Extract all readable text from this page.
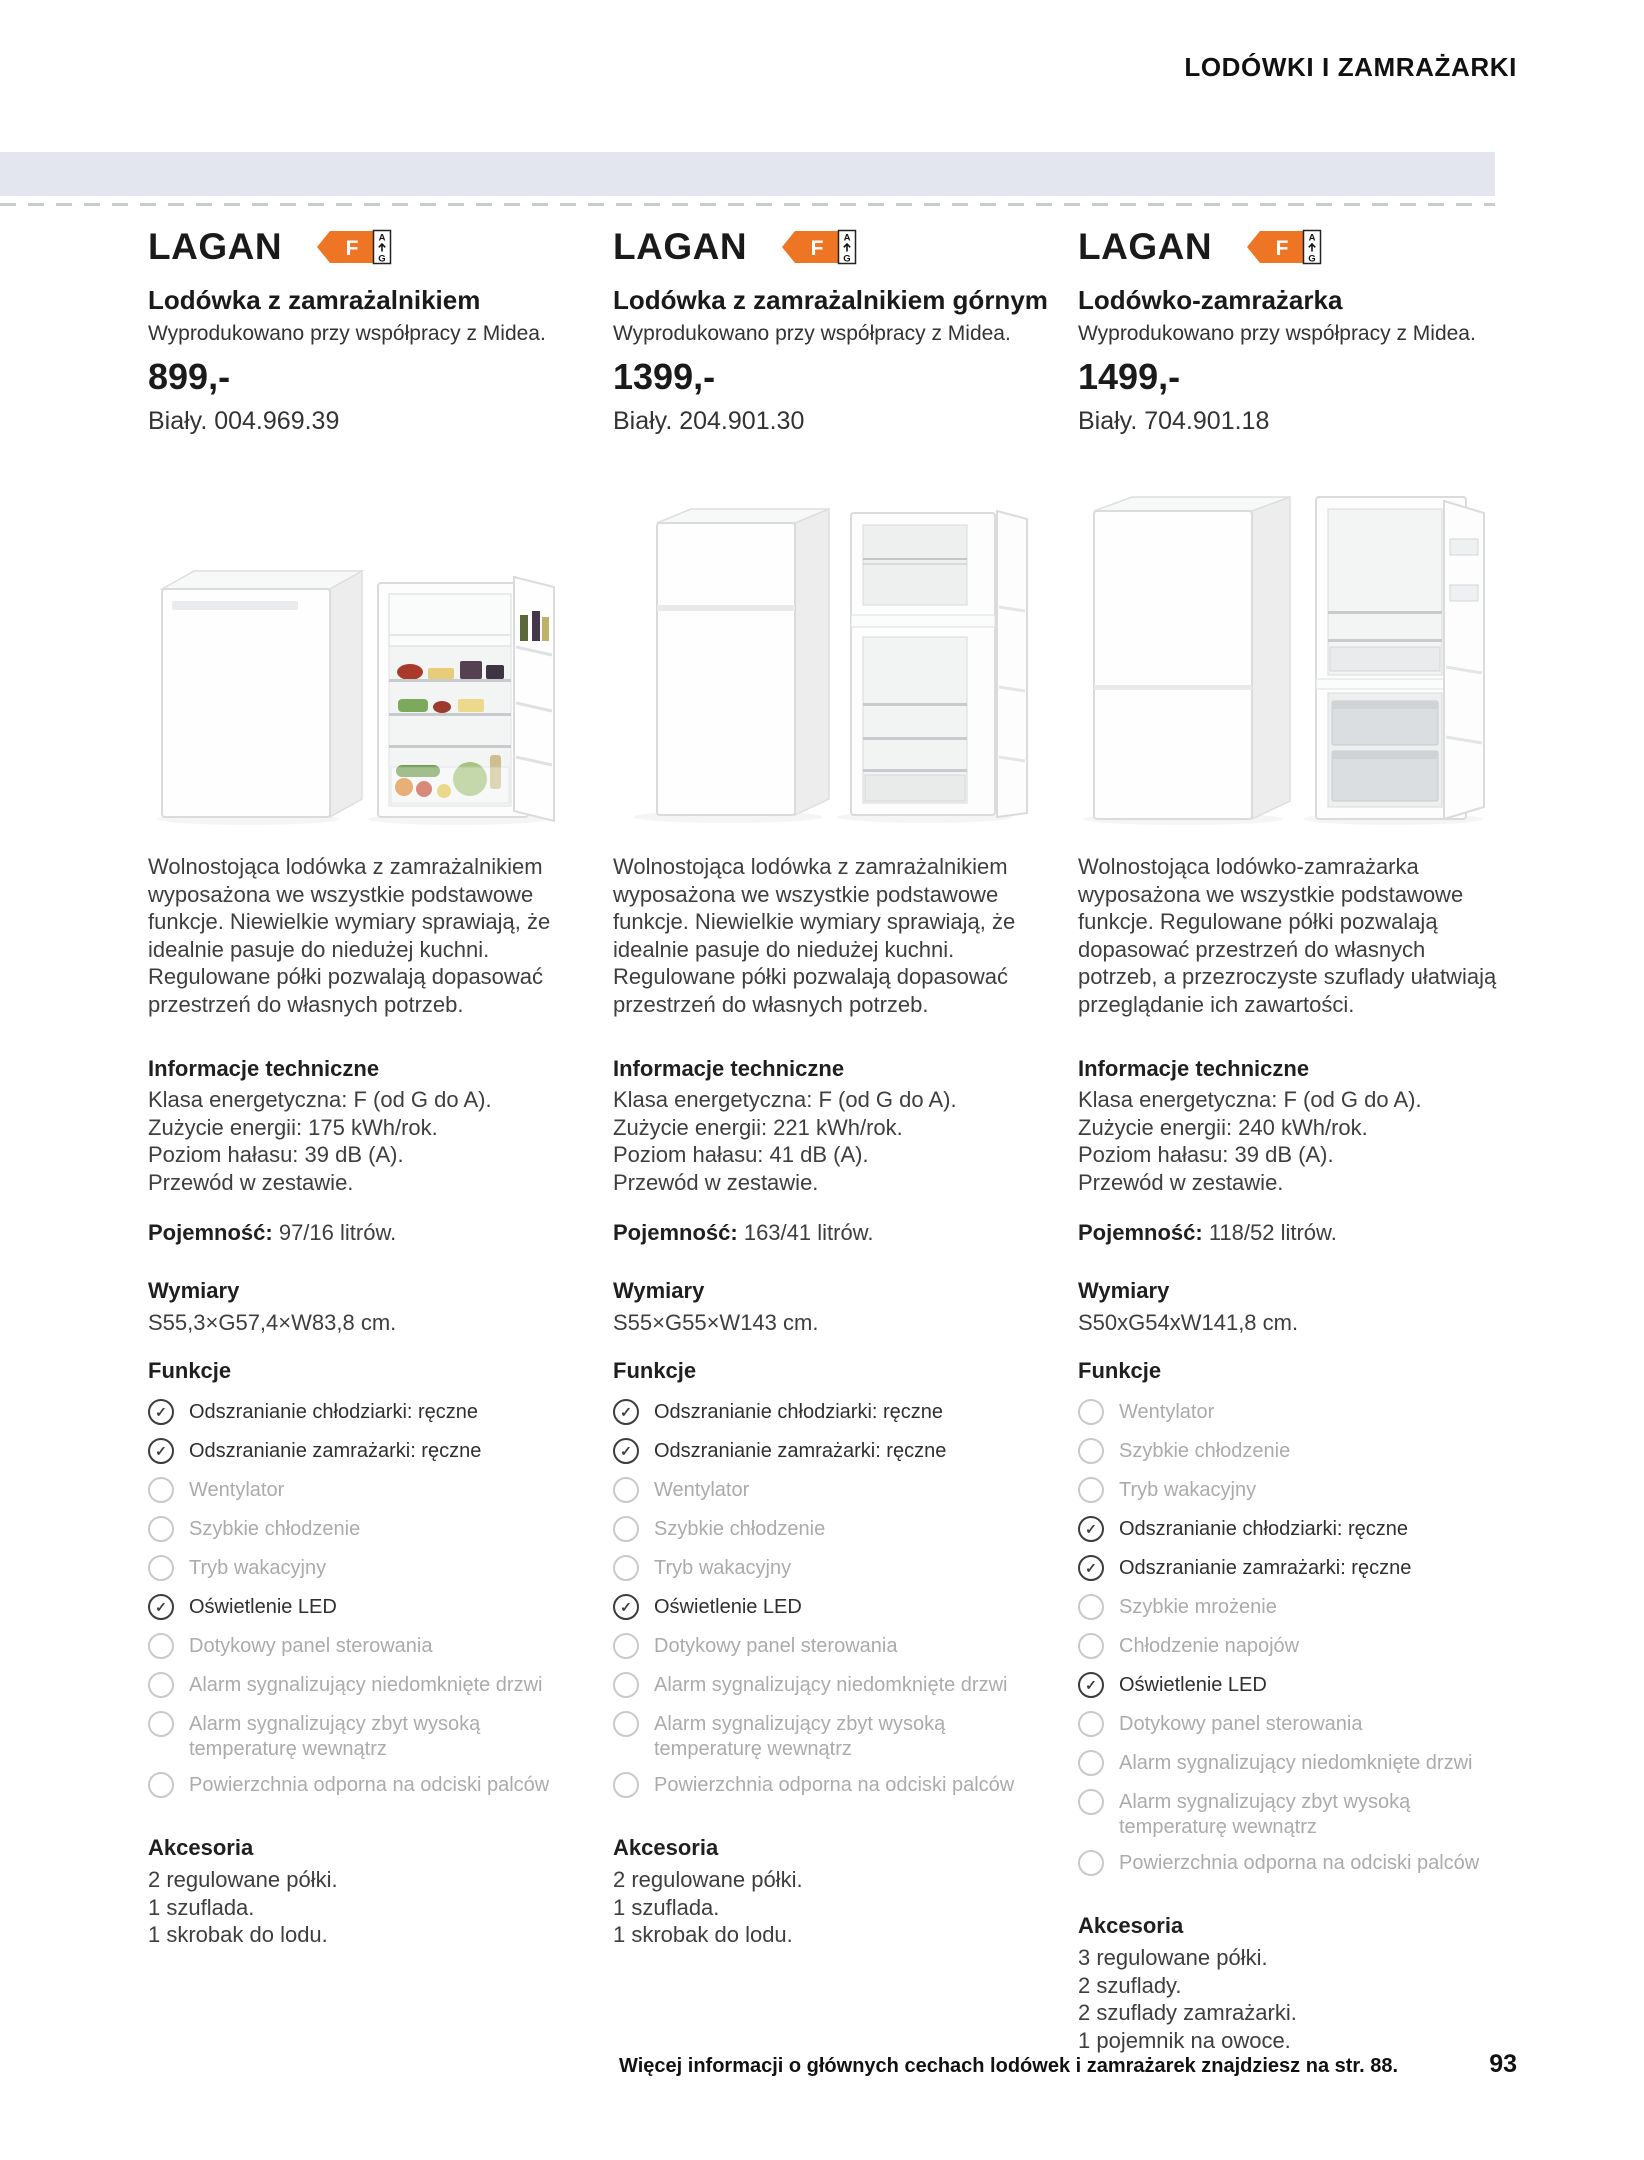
LODÓWKI I ZAMRAŻARKI
LAGAN	F A
G
Lodówka z zamrażalnikiem
Wyprodukowano przy współpracy z Midea.
899,-
Biały. 004.969.39

Wolnostojąca lodówka z zamrażalnikiem wyposażona we wszystkie podstawowe funkcje. Niewielkie wymiary sprawiają, że idealnie pasuje do niedużej kuchni. Regulowane półki pozwalają dopasować przestrzeń do własnych potrzeb.

Informacje techniczne
Klasa energetyczna: F (od G do A).
Zużycie energii: 175 kWh/rok.
Poziom hałasu: 39 dB (A).
Przewód w zestawie.
Pojemność: 97/16 litrów.
Wymiary
S55,3×G57,4×W83,8 cm.
Funkcje
✓	Odszranianie chłodziarki: ręczne
✓	Odszranianie zamrażarki: ręczne
Wentylator
Szybkie chłodzenie
Tryb wakacyjny
✓	Oświetlenie LED
Dotykowy panel sterowania
Alarm sygnalizujący niedomknięte drzwi
Alarm sygnalizujący zbyt wysoką temperaturę wewnątrz
Powierzchnia odporna na odciski palców
Akcesoria
2 regulowane półki.
1 szuflada.
1 skrobak do lodu.
LAGAN	F A
G
Lodówka z zamrażalnikiem górnym
Wyprodukowano przy współpracy z Midea.
1399,-
Biały. 204.901.30

Wolnostojąca lodówka z zamrażalnikiem wyposażona we wszystkie podstawowe funkcje. Niewielkie wymiary sprawiają, że idealnie pasuje do niedużej kuchni. Regulowane półki pozwalają dopasować przestrzeń do własnych potrzeb.

Informacje techniczne
Klasa energetyczna: F (od G do A).
Zużycie energii: 221 kWh/rok.
Poziom hałasu: 41 dB (A).
Przewód w zestawie.
Pojemność: 163/41 litrów.
Wymiary
S55×G55×W143 cm.
Funkcje
✓	Odszranianie chłodziarki: ręczne
✓	Odszranianie zamrażarki: ręczne
Wentylator
Szybkie chłodzenie
Tryb wakacyjny
✓	Oświetlenie LED
Dotykowy panel sterowania
Alarm sygnalizujący niedomknięte drzwi
Alarm sygnalizujący zbyt wysoką temperaturę wewnątrz
Powierzchnia odporna na odciski palców
Akcesoria
2 regulowane półki.
1 szuflada.
1 skrobak do lodu.
LAGAN	F A
G
Lodówko-zamrażarka
Wyprodukowano przy współpracy z Midea.
1499,-
Biały. 704.901.18

Wolnostojąca lodówko-zamrażarka wyposażona we wszystkie podstawowe funkcje. Regulowane półki pozwalają dopasować przestrzeń do własnych potrzeb, a przezroczyste szuflady ułatwiają przeglądanie ich zawartości.

Informacje techniczne
Klasa energetyczna: F (od G do A).
Zużycie energii: 240 kWh/rok.
Poziom hałasu: 39 dB (A).
Przewód w zestawie.
Pojemność: 118/52 litrów.
Wymiary
S50xG54xW141,8 cm.
Funkcje
Wentylator
Szybkie chłodzenie
Tryb wakacyjny
✓	Odszranianie chłodziarki: ręczne
✓	Odszranianie zamrażarki: ręczne
Szybkie mrożenie
Chłodzenie napojów
✓	Oświetlenie LED
Dotykowy panel sterowania
Alarm sygnalizujący niedomknięte drzwi
Alarm sygnalizujący zbyt wysoką temperaturę wewnątrz
Powierzchnia odporna na odciski palców
Akcesoria
3 regulowane półki.
2 szuflady.
2 szuflady zamrażarki.
1 pojemnik na owoce.
Więcej informacji o głównych cechach lodówek i zamrażarek znajdziesz na str. 88.	93
